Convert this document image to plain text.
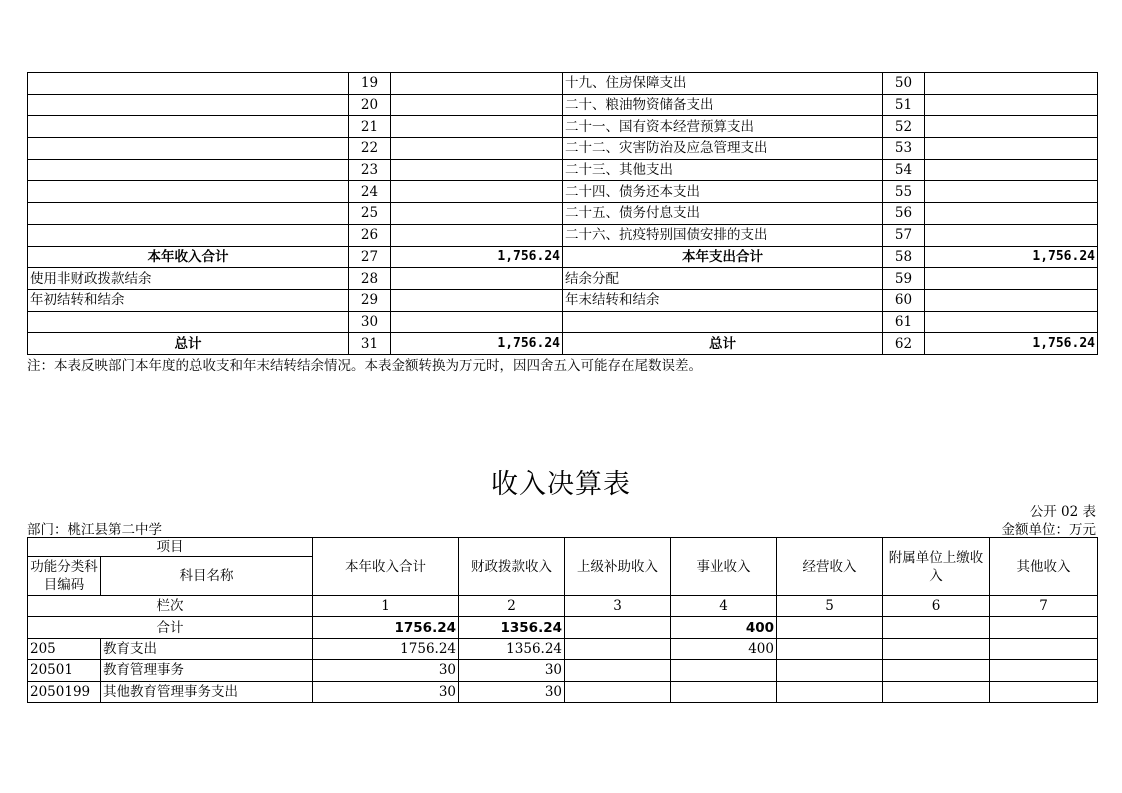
	19		十九、住房保障支出	50	
	20		二十、粮油物资储备支出	51	
	21		二十一、国有资本经营预算支出	52	
	22		二十二、灾害防治及应急管理支出	53	
	23		二十三、其他支出	54	
	24		二十四、债务还本支出	55	
	25		二十五、债务付息支出	56	
	26		二十六、抗疫特别国债安排的支出	57	
本年收入合计	27	1,756.24	本年支出合计	58	1,756.24
使用非财政拨款结余	28		结余分配	59	
年初结转和结余	29		年末结转和结余	60	
	30			61	
总计	31	1,756.24	总计	62	1,756.24
注：本表反映部门本年度的总收支和年末结转结余情况。本表金额转换为万元时，因四舍五入可能存在尾数误差。
收入决算表
公开 02 表
部门：桃江县第二中学	金额单位：万元
项目		本年收入合计	财政拨款收入	上级补助收入	事业收入	经营收入	附属单位上缴收入	其他收入
功能分类科目编码	科目名称							

栏次		1	2	3	4	5	6	7
合计		1756.24	1356.24		400			
205	教育支出	1756.24	1356.24		400			
20501	教育管理事务	30	30					
2050199	其他教育管理事务支出	30	30					
